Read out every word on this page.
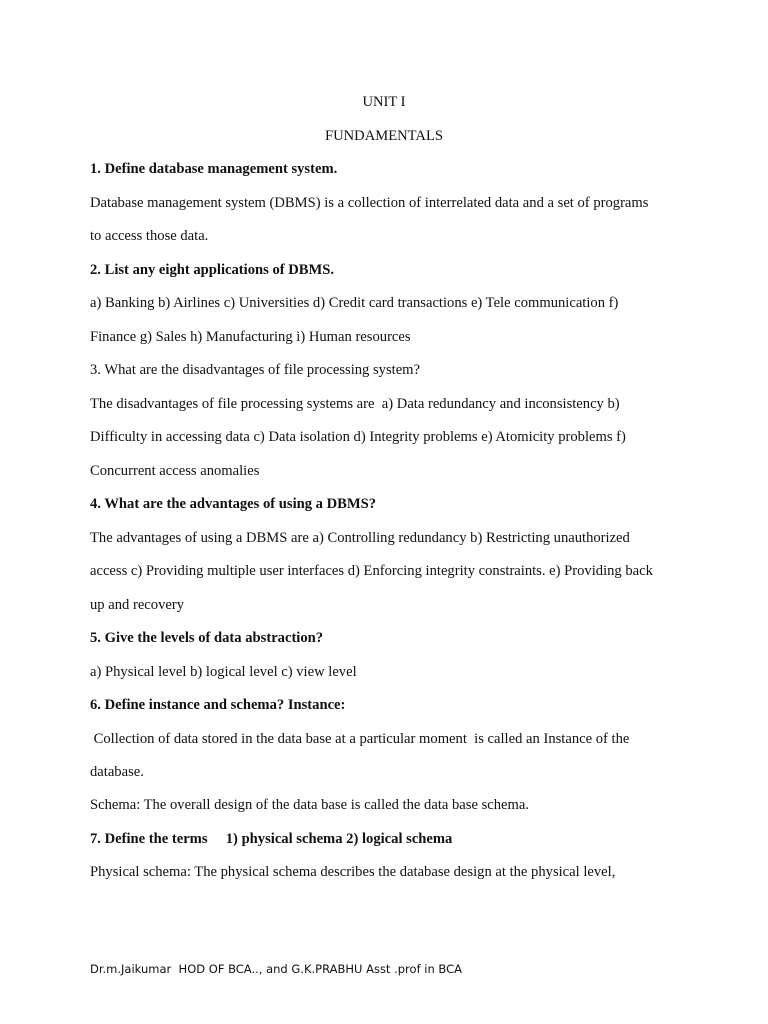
UNIT I
FUNDAMENTALS
1. Define database management system.
Database management system (DBMS) is a collection of interrelated data and a set of programs
to access those data.
2. List any eight applications of DBMS.
a) Banking b) Airlines c) Universities d) Credit card transactions e) Tele communication f)
Finance g) Sales h) Manufacturing i) Human resources
3. What are the disadvantages of file processing system?
The disadvantages of file processing systems are  a) Data redundancy and inconsistency b)
Difficulty in accessing data c) Data isolation d) Integrity problems e) Atomicity problems f)
Concurrent access anomalies
4. What are the advantages of using a DBMS?
The advantages of using a DBMS are a) Controlling redundancy b) Restricting unauthorized
access c) Providing multiple user interfaces d) Enforcing integrity constraints. e) Providing back
up and recovery
5. Give the levels of data abstraction?
a) Physical level b) logical level c) view level
6. Define instance and schema? Instance:
Collection of data stored in the data base at a particular moment  is called an Instance of the
database.
Schema: The overall design of the data base is called the data base schema.
7. Define the terms     1) physical schema 2) logical schema
Physical schema: The physical schema describes the database design at the physical level,
Dr.m.Jaikumar  HOD OF BCA.., and G.K.PRABHU Asst .prof in BCA
